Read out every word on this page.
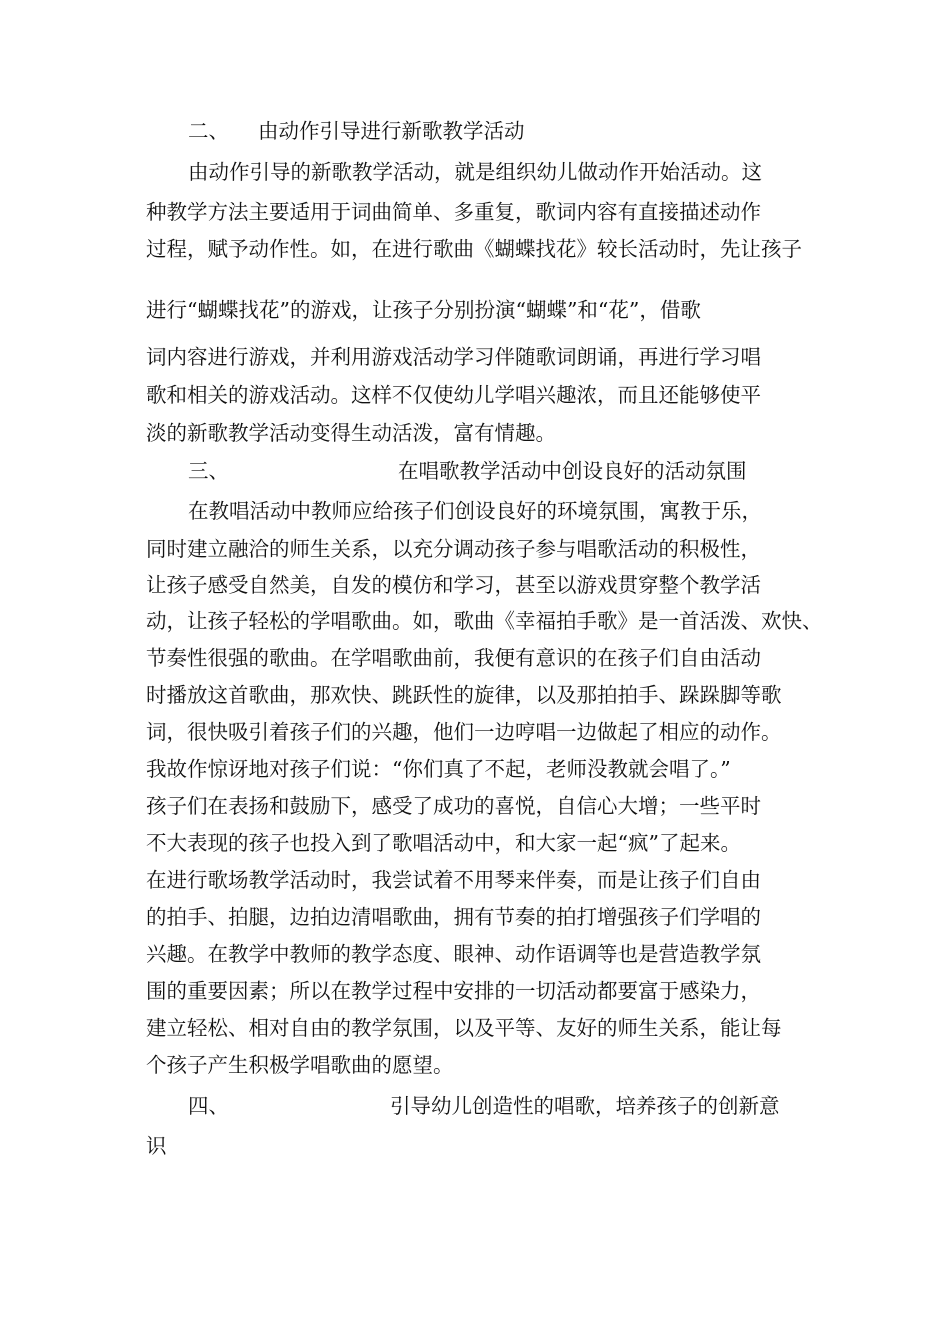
二、 由动作引导进行新歌教学活动
由动作引导的新歌教学活动，就是组织幼儿做动作开始活动。这
种教学方法主要适用于词曲简单、多重复，歌词内容有直接描述动作
过程，赋予动作性。如，在进行歌曲《蝴蝶找花》较长活动时，先让孩子
进行“蝴蝶找花”的游戏，让孩子分别扮演“蝴蝶”和“花”，借歌
词内容进行游戏，并利用游戏活动学习伴随歌词朗诵，再进行学习唱
歌和相关的游戏活动。这样不仅使幼儿学唱兴趣浓，而且还能够使平
淡的新歌教学活动变得生动活泼，富有情趣。
三、	在唱歌教学活动中创设良好的活动氛围
在教唱活动中教师应给孩子们创设良好的环境氛围，寓教于乐，
同时建立融洽的师生关系，以充分调动孩子参与唱歌活动的积极性，
让孩子感受自然美，自发的模仿和学习，甚至以游戏贯穿整个教学活
动，让孩子轻松的学唱歌曲。如，歌曲《幸福拍手歌》是一首活泼、欢快、
节奏性很强的歌曲。在学唱歌曲前，我便有意识的在孩子们自由活动
时播放这首歌曲，那欢快、跳跃性的旋律，以及那拍拍手、跺跺脚等歌
词，很快吸引着孩子们的兴趣，他们一边哼唱一边做起了相应的动作。
我故作惊讶地对孩子们说：“你们真了不起，老师没教就会唱了。”
孩子们在表扬和鼓励下，感受了成功的喜悦，自信心大增；一些平时
不大表现的孩子也投入到了歌唱活动中，和大家一起“疯”了起来。
在进行歌场教学活动时，我尝试着不用琴来伴奏，而是让孩子们自由
的拍手、拍腿，边拍边清唱歌曲，拥有节奏的拍打增强孩子们学唱的
兴趣。在教学中教师的教学态度、眼神、动作语调等也是营造教学氛
围的重要因素；所以在教学过程中安排的一切活动都要富于感染力，
建立轻松、相对自由的教学氛围，以及平等、友好的师生关系，能让每
个孩子产生积极学唱歌曲的愿望。
四、	引导幼儿创造性的唱歌，培养孩子的创新意
识
